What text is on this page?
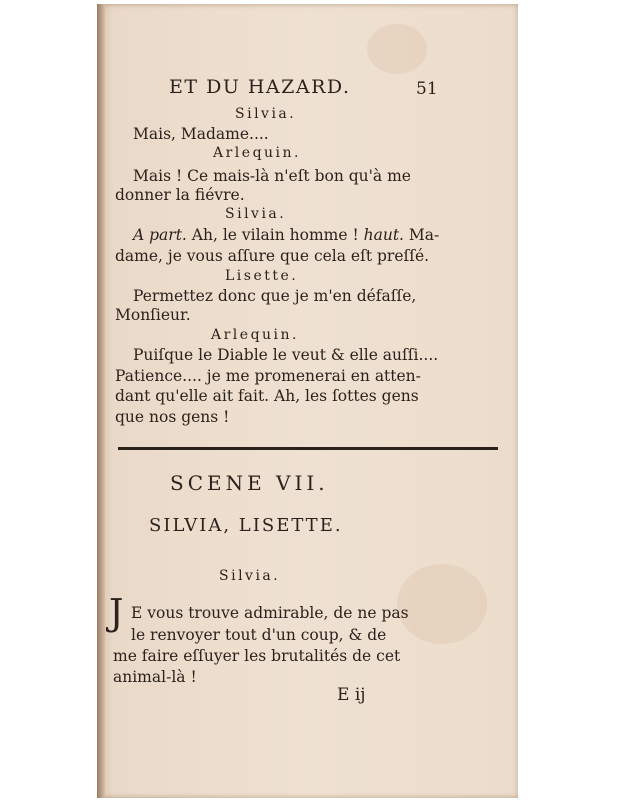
ET DU HAZARD.	51
Silvia.
Mais, Madame....
Arlequin.
Mais ! Ce mais-là n'eſt bon qu'à me
donner la fiévre.
Silvia.
A part. Ah, le vilain homme ! haut. Ma-
dame, je vous aſſure que cela eſt preſſé.
Lisette.
Permettez donc que je m'en défaſſe,
Monſieur.
Arlequin.
Puiſque le Diable le veut & elle auſſi....
Patience.... je me promenerai en atten-
dant qu'elle ait fait. Ah, les ſottes gens
que nos gens !
SCENE VII.
SILVIA, LISETTE.
Silvia.
J E vous trouve admirable, de ne pas
le renvoyer tout d'un coup, & de
me faire eſſuyer les brutalités de cet
animal-là !
E ij
